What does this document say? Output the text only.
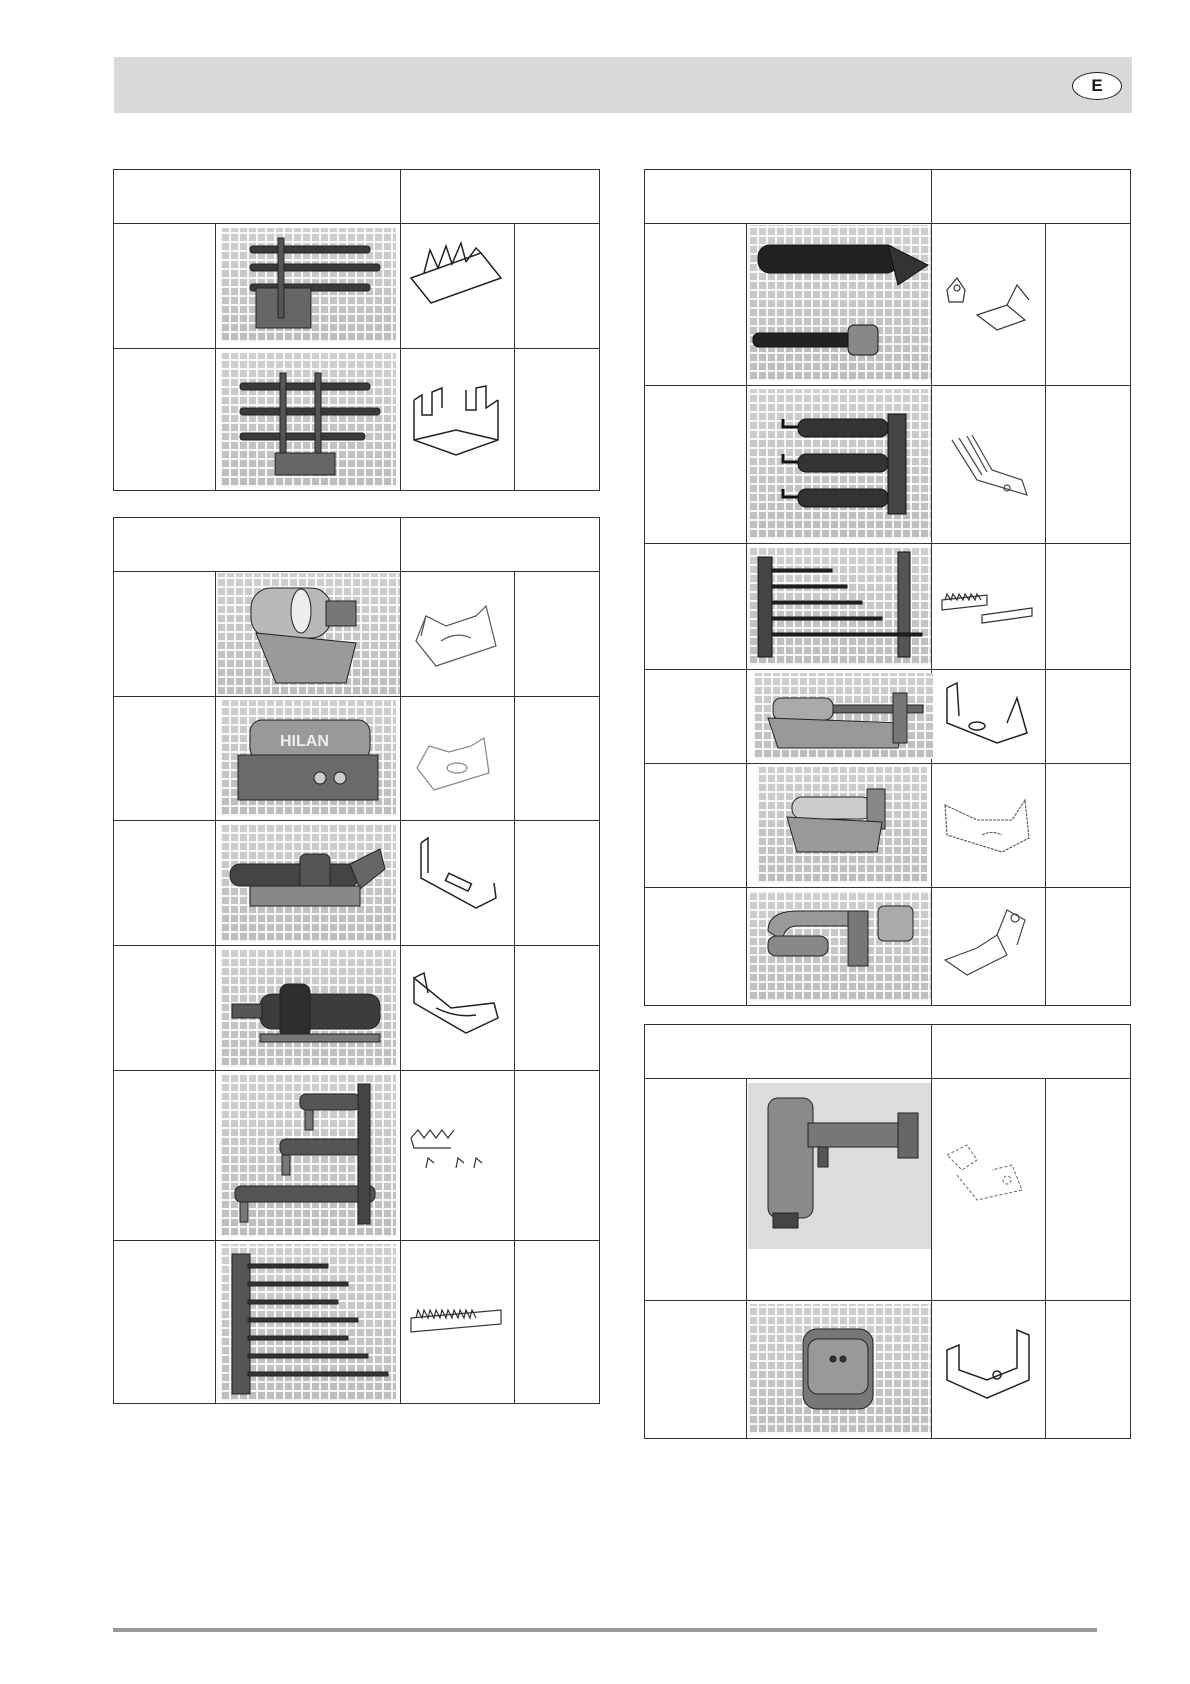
E
HILAN
